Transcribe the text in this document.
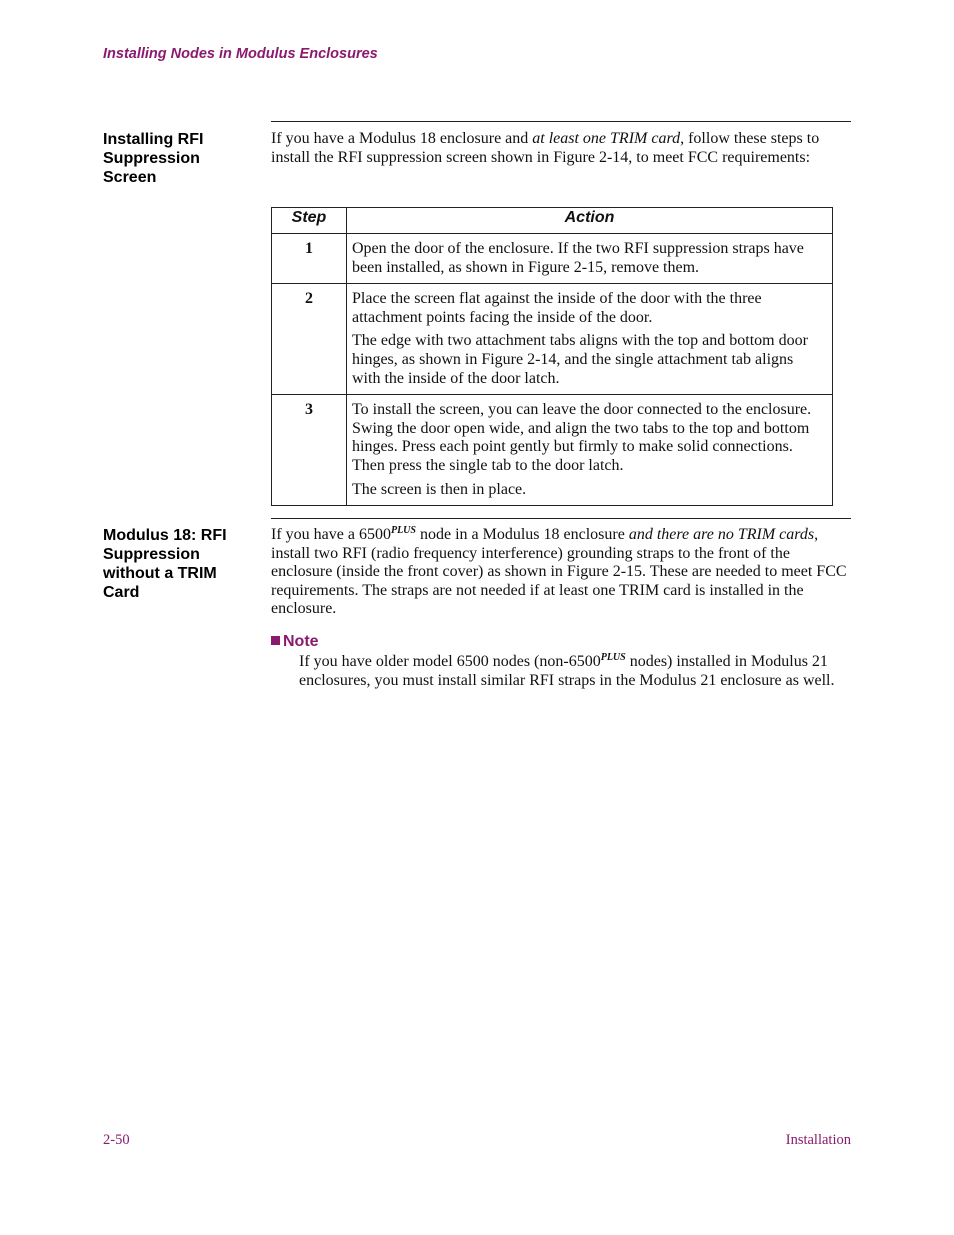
Installing Nodes in Modulus Enclosures
Installing RFI
Suppression
Screen

If you have a Modulus 18 enclosure and at least one TRIM card, follow these steps to install the RFI suppression screen shown in Figure 2-14, to meet FCC requirements:

Step	Action
1	Open the door of the enclosure. If the two RFI suppression straps have been installed, as shown in Figure 2-15, remove them.

2	Place the screen flat against the inside of the door with the three attachment points facing the inside of the door.

The edge with two attachment tabs aligns with the top and bottom door hinges, as shown in Figure 2-14, and the single attachment tab aligns with the inside of the door latch.

3	To install the screen, you can leave the door connected to the enclosure. Swing the door open wide, and align the two tabs to the top and bottom hinges. Press each point gently but firmly to make solid connections. Then press the single tab to the door latch.

The screen is then in place.

Modulus 18: RFI
Suppression
without a TRIM
Card

If you have a $6500^{PLUS}$ node in a Modulus 18 enclosure and there are no TRIM cards, install two RFI (radio frequency interference) grounding straps to the front of the enclosure (inside the front cover) as shown in Figure 2-15. These are needed to meet FCC requirements. The straps are not needed if at least one TRIM card is installed in the enclosure.

Note
If you have older model 6500 nodes ($non-6500^{PLUS}$ nodes) installed in Modulus 21 enclosures, you must install similar RFI straps in the Modulus 21 enclosure as well.
2-50	Installation
